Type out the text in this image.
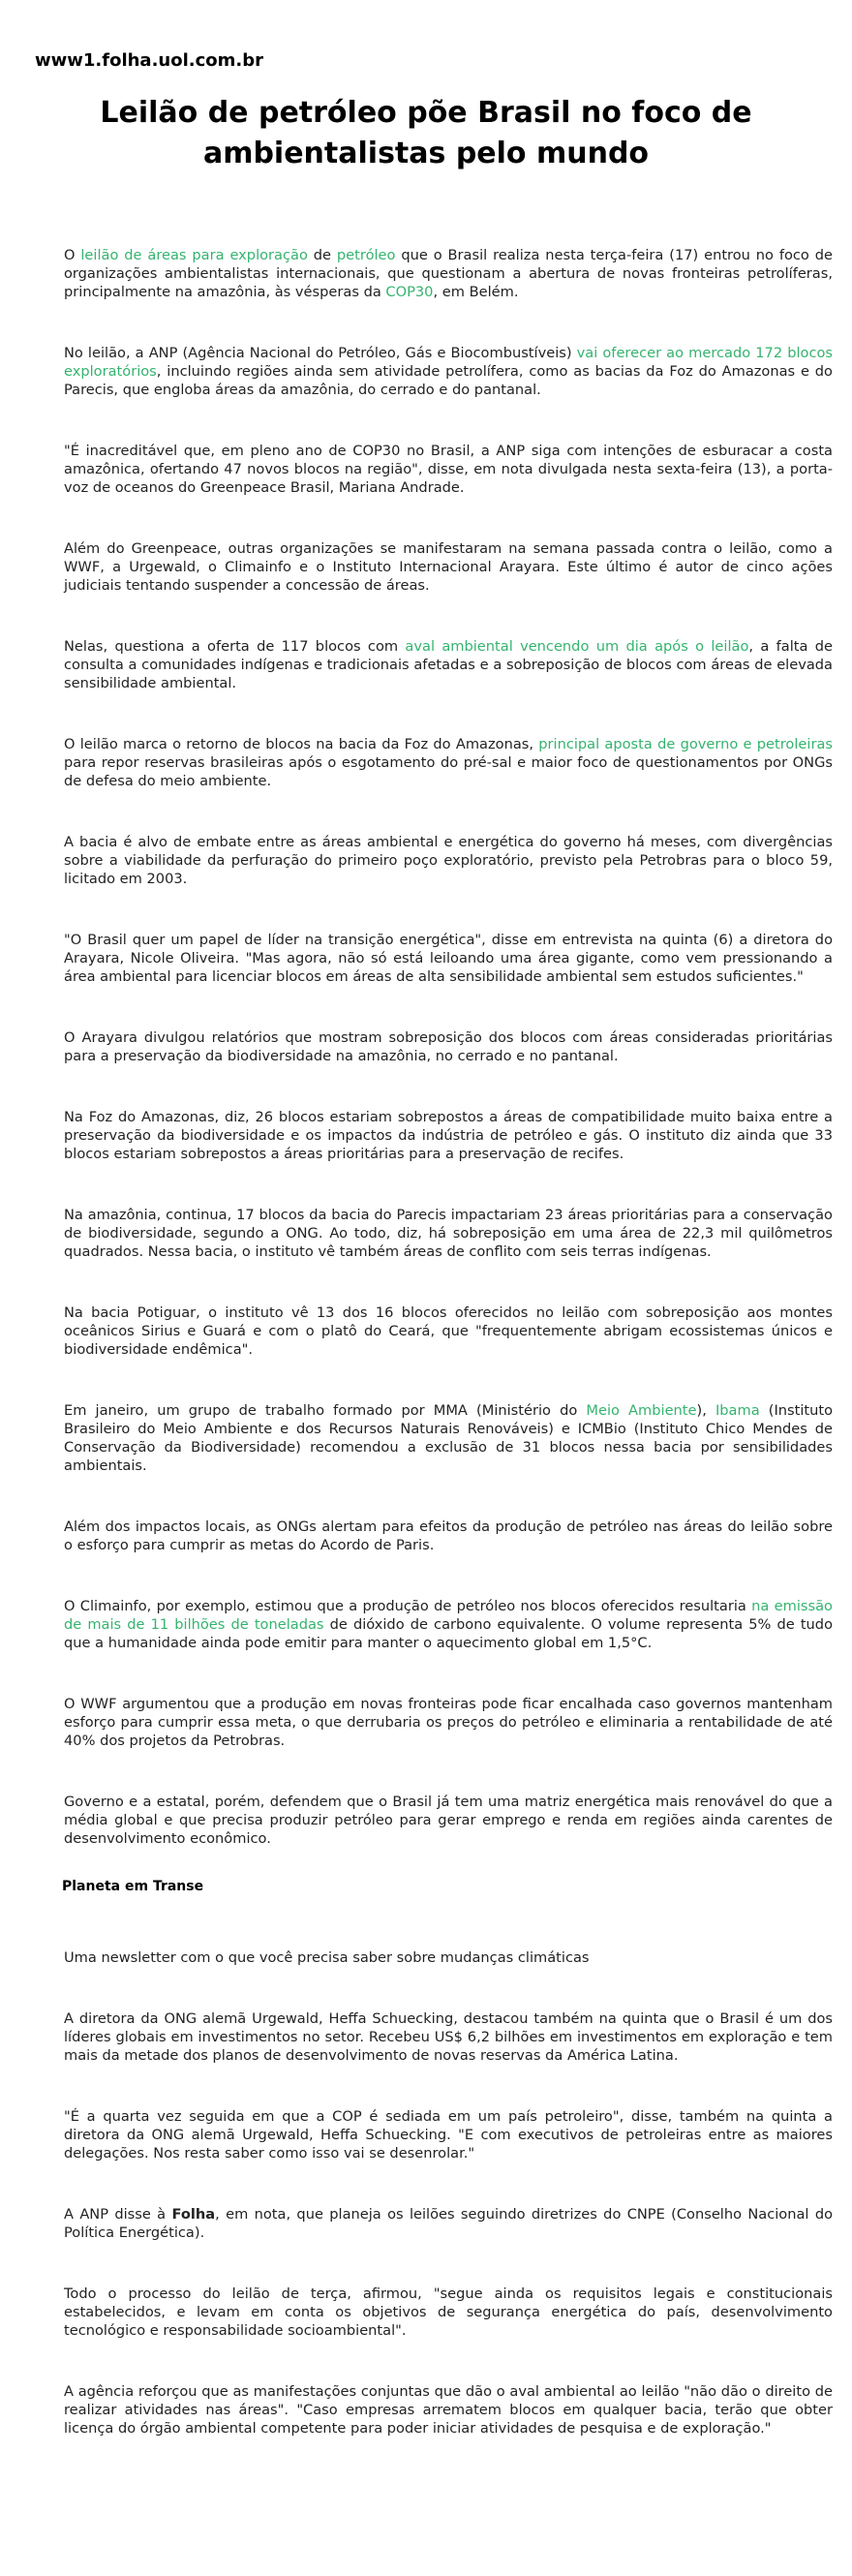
www1.folha.uol.com.br
Leilão de petróleo põe Brasil no foco de ambientalistas pelo mundo

O leilão de áreas para exploração de petróleo que o Brasil realiza nesta terça-feira (17) entrou no foco de organizações ambientalistas internacionais, que questionam a abertura de novas fronteiras petrolíferas, principalmente na amazônia, às vésperas da COP30, em Belém.

No leilão, a ANP (Agência Nacional do Petróleo, Gás e Biocombustíveis) vai oferecer ao mercado 172 blocos exploratórios, incluindo regiões ainda sem atividade petrolífera, como as bacias da Foz do Amazonas e do Parecis, que engloba áreas da amazônia, do cerrado e do pantanal.

"É inacreditável que, em pleno ano de COP30 no Brasil, a ANP siga com intenções de esburacar a costa amazônica, ofertando 47 novos blocos na região", disse, em nota divulgada nesta sexta-feira (13), a porta-voz de oceanos do Greenpeace Brasil, Mariana Andrade.

Além do Greenpeace, outras organizações se manifestaram na semana passada contra o leilão, como a WWF, a Urgewald, o Climainfo e o Instituto Internacional Arayara. Este último é autor de cinco ações judiciais tentando suspender a concessão de áreas.

Nelas, questiona a oferta de 117 blocos com aval ambiental vencendo um dia após o leilão, a falta de consulta a comunidades indígenas e tradicionais afetadas e a sobreposição de blocos com áreas de elevada sensibilidade ambiental.

O leilão marca o retorno de blocos na bacia da Foz do Amazonas, principal aposta de governo e petroleiras para repor reservas brasileiras após o esgotamento do pré-sal e maior foco de questionamentos por ONGs de defesa do meio ambiente.

A bacia é alvo de embate entre as áreas ambiental e energética do governo há meses, com divergências sobre a viabilidade da perfuração do primeiro poço exploratório, previsto pela Petrobras para o bloco 59, licitado em 2003.

"O Brasil quer um papel de líder na transição energética", disse em entrevista na quinta (6) a diretora do Arayara, Nicole Oliveira. "Mas agora, não só está leiloando uma área gigante, como vem pressionando a área ambiental para licenciar blocos em áreas de alta sensibilidade ambiental sem estudos suficientes."

O Arayara divulgou relatórios que mostram sobreposição dos blocos com áreas consideradas prioritárias para a preservação da biodiversidade na amazônia, no cerrado e no pantanal.

Na Foz do Amazonas, diz, 26 blocos estariam sobrepostos a áreas de compatibilidade muito baixa entre a preservação da biodiversidade e os impactos da indústria de petróleo e gás. O instituto diz ainda que 33 blocos estariam sobrepostos a áreas prioritárias para a preservação de recifes.

Na amazônia, continua, 17 blocos da bacia do Parecis impactariam 23 áreas prioritárias para a conservação de biodiversidade, segundo a ONG. Ao todo, diz, há sobreposição em uma área de 22,3 mil quilômetros quadrados. Nessa bacia, o instituto vê também áreas de conflito com seis terras indígenas.

Na bacia Potiguar, o instituto vê 13 dos 16 blocos oferecidos no leilão com sobreposição aos montes oceânicos Sirius e Guará e com o platô do Ceará, que "frequentemente abrigam ecossistemas únicos e biodiversidade endêmica".

Em janeiro, um grupo de trabalho formado por MMA (Ministério do Meio Ambiente), Ibama (Instituto Brasileiro do Meio Ambiente e dos Recursos Naturais Renováveis) e ICMBio (Instituto Chico Mendes de Conservação da Biodiversidade) recomendou a exclusão de 31 blocos nessa bacia por sensibilidades ambientais.

Além dos impactos locais, as ONGs alertam para efeitos da produção de petróleo nas áreas do leilão sobre o esforço para cumprir as metas do Acordo de Paris.

O Climainfo, por exemplo, estimou que a produção de petróleo nos blocos oferecidos resultaria na emissão de mais de 11 bilhões de toneladas de dióxido de carbono equivalente. O volume representa 5% de tudo que a humanidade ainda pode emitir para manter o aquecimento global em 1,5°C.

O WWF argumentou que a produção em novas fronteiras pode ficar encalhada caso governos mantenham esforço para cumprir essa meta, o que derrubaria os preços do petróleo e eliminaria a rentabilidade de até 40% dos projetos da Petrobras.

Governo e a estatal, porém, defendem que o Brasil já tem uma matriz energética mais renovável do que a média global e que precisa produzir petróleo para gerar emprego e renda em regiões ainda carentes de desenvolvimento econômico.

Planeta em Transe

Uma newsletter com o que você precisa saber sobre mudanças climáticas

A diretora da ONG alemã Urgewald, Heffa Schuecking, destacou também na quinta que o Brasil é um dos líderes globais em investimentos no setor. Recebeu US$ 6,2 bilhões em investimentos em exploração e tem mais da metade dos planos de desenvolvimento de novas reservas da América Latina.

"É a quarta vez seguida em que a COP é sediada em um país petroleiro", disse, também na quinta a diretora da ONG alemã Urgewald, Heffa Schuecking. "E com executivos de petroleiras entre as maiores delegações. Nos resta saber como isso vai se desenrolar."

A ANP disse à Folha, em nota, que planeja os leilões seguindo diretrizes do CNPE (Conselho Nacional do Política Energética).

Todo o processo do leilão de terça, afirmou, "segue ainda os requisitos legais e constitucionais estabelecidos, e levam em conta os objetivos de segurança energética do país, desenvolvimento tecnológico e responsabilidade socioambiental".

A agência reforçou que as manifestações conjuntas que dão o aval ambiental ao leilão "não dão o direito de realizar atividades nas áreas". "Caso empresas arrematem blocos em qualquer bacia, terão que obter licença do órgão ambiental competente para poder iniciar atividades de pesquisa e de exploração."
